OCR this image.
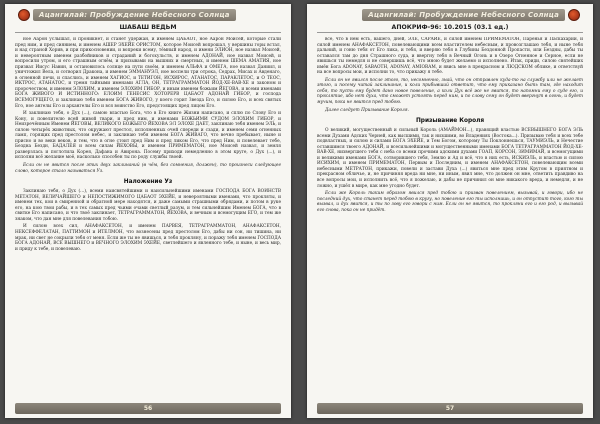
Ацангилай: Пробуждение Небесного Солнца
ШАБАШ ВЕДЬМ

ное Аарон услышал, и проникнет, и станет удержан, и именем ЦАБАОТ, ное Аарон Моисей, которые стали пред ним, и пред сиянием, и именем АШЕР ЭХЕЙЕ ОРИСТОМ, которое Моисей вопрошал, у вершины горы встал, и над страной Хорив, и при прикосновении, и вопреки всему, тёмный народ, и имени ЭЛИОН, ное назвал Моисей, и невероятным именем разбойников и страданий и богохульств, и именем АДОНАЙ, ное назвал Моисей, и вопросили утром, и его страшным огнём, и призывами на вышних и смертных, и именем ШЕМА АМАТИЯ, ное призвал Иисус Навин, и остановилось солнце на пути своём, и именем АЛЬФА и ОМЕГА, ное назвал Даниил, и уничтожил Вела, и сотворил Дракона, и именем ЭММАНУЭЛ, ное воспели три отрока, Седрах, Мисах и Авденаго, в огненной печи, и спаслись, и именем ХАГИОС, и ТЕТИГОН, ИСХИРОС, АТАНАТОС, ПАРАКЛЕТОС, и О ТЕОС, ИКТРОС, АТАНАТОС, и тремя тайными именами АГЛА, ОН, ТЕТРАГРАММАТОН ЙОД-ХЕ-ВАВ-ХЕ и законом и пророчеством, и именем ЭЛОХИМ, и именем ЭЛОХИМ ГИБОР, и иным именем божьим ЙЕГОВА, и всеми именами БОГА ЖИВОГО И ИСТИННОГО: ЕЛОИМ ГЕНЕСИС ХОТОРЕРВ ЦАБАОТ АДОНАЙ ГИБОР, и господа ВСЕМОГУЩЕГО, и заклинаю тебя именем БОГА ЖИВОГО, у коего горит Звезда Его, и силою Его, и всех святых Его, ное ангелы Его и архангелы Его и вся воинство Его, предстоящих пред лицом Его.

И заклинаю тебя, о Дух (...), самою властью Бога, что в Его книге Жизни написано, и сплю по Слову Его и Кону, и повелителю всей живой твари, и пред ним, и именами БОЖЬИМИ СУДОМ ЭЛОХИМ ГИБОР, и Неизречённым Именем ЙЕГОВЫ, ВЕЛИКОГО БОЖЬЕГО ЙЕХОВА ЭЛ ЭЛОХЕ ДАЕТ, заклинаю тебя именем ЭЛЬ, и силою четырёх животных, что окружают престол, исполненных очей спереди и сзади, и именем семи огненных ламп, горящих пред престолом небес, и заклинаю тебя именем БОГА ЖИВАГО, что вечно пребывает, ныне и присно и во веки веков, и тем, что в огне стоит пред Ним и пред ликом Его, что пред Ним, и повелевает тебе, Бездна Бездн, БАДАЛЕЯ и всем силам ЙЕХОВЫ, и именем ПРИМЕМАТОН, ное Моисей назвал, и земля разверзлась и поглотила Корея, Дафана и Авирона. Посему приходи немедленно в этом круге, о Дух (...), и исполни всё желание моё, насколько способен ты по роду службы твоей.

Если он не явится после этих двух заклинаний (в чём, без сомнения, должен), то произнеси следующее слово, которое стало называться Уз.

Наложение Уз

Заклинаю тебя, о Дух (...), всеми наисвятейшими и наисильнейшими именами ГОСПОДА БОГА ВОИНСТВ МЕТАТОН, ВЕЛИЧАЙШЕГО и НЕПОСТИЖИМОГО ЦАБАОТ ЭХЕЙЕ, и невероятными именами, что прокляты, и именем тех, кои в смиренной и обратной мере находятся, и даже самыми страшными обрядами, и потом в руке его, на кою твои рабы, и в тех самых пред чьими очами светлый разум, и тем сильнейшим Именем БОГА, что в свитке Его написано, и что твоё заклинает, ТЕТРАГРАММАТОН, ЙЕХОВА, и вечным и всемогущим ЕГО, и тем же знаком, что дан мне для повелевания тобою.

И силою всех сил, АНАФАКСЕТОН, и именем ПАРВЕЯ, ТЕТРАГРАММАТОН, АНАФАКСЕТОН, НЕКСЕФФЕЛАТАН, ПАТТИМОН и ИТЕЛМОН, что вознесены пред престолом Его, дабы ни сон, ни тишина, ни мрак, ни свет не сокрыли тебя от меня. Если же ты не явишься, и тебя прокляну, и поражу тебя именем ГОСПОДА БОГА АДОНАЙ, ВСЕ ВЫШНЕГО и ВЕЧНОГО ЭЛОХИМ ЭХЕЙЕ, светлейшего и явленного тебе, и ныне, и весь мир, и приду к тебе, и повелеваю.

56
Ацангилай: Пробуждение Небесного Солнца
АПОКРИФ-96: 10.2015 (03.1 ед.)

всё, что в нём есть, вашего, дней, ЭЛЕ, САРАЙЕ, и силой именем ПРИМЕМАТОН, Паренья и Паскахарии, и силой именем АНАФАКСЕТОН, повелевающими всем властителем небесным, и провозглашаю тебя, и ныне тебя дальний, и гоню тебя от Его лика, и тебя, и вверяю тебя в Глубины Бездонной Пропасти, или Бездны, дабы ты оставался там до дня Страшного суда, и ввергну тебя в Вечный Огонь и в Озеро Огненное и Серное, если не явишься ты немедля и не совершишь всё, что мною будет желаемо и исполнено. Итак, приди, силою святейших имён Бога ADONAY, SABAOTH, ADONAY, AMIORAM, и явись мне в прекрасном и ЛЮДСКОМ облике, и ответствуй на все вопросы мои, и исполни то, что прикажу я тебе.

Если он не явился после этого, то, несомненно, знай, что он отправлен куда-то на службу или не желает этого, и посему читай заклинание, и коли прибывший ответит, что ему приказано быть там, где находит себя, то пусть ему будет дано новое повеление, а коли Дух всё же не явится, то напомни ему о суде его, и проклятие, ибо нет духа, что сможет устоять перед ним, и по слову сему он будет ввергнут в огонь, и будет мучим, пока не явится пред тобою.

Далее следует Призывание Короля.

Призывание Короля

О великий, могущественный и сильный Король (АМАЙМОН...), правящий властью ВСЕВЫШНЕГО БОГА ЭЛЬ всеми Духами Адских Черней, как высшими, так и низшими, во Владениях (Востока...). Призываю тебя и всех тебе подвластных, и силою и силами БОГА ЭХЕЙЕ, и Тем Богом, которому Ты Поклоняешься, ТАУМИЭЛЬ, и Нечестие оставшимся твоего АДОНАЙ, и всесильнейшими и могущественными именами БОГА ТЕТРАГРАММАТОН ЙОД-ХЕ-ВАВ-ХЕ, низвергшего тебя с неба со всеми прочими адскими духами ГОАП, КОРСОН, ЗИМИМАЙ, и всемогущими и великими именами БОГА, сотворившего тебя, Землю и Ад и всё, что в них есть, ИСКИЭЛЬ, и властью и силою ИСИХИМ, и именем ПРИМЕМАТОН, Первым и Последним, и именем АНАФАКСЕТОН, повелевающим всеми небесными МЕТРАТОН, прикажи, повели и застави Духа (...) явиться мне пред этим Кругом в приятном и прекрасном обличье, и, не причиняя вреда ни мне, ни иным, явил мне, что должен он мне, ответить правдиво на все вопросы мои, и исполнить всё, что я пожелаю, и дабы не причинил он мне никакого вреда, и немедля, и не ложно, и ушёл в мире, как мне угодно будет.

Если же Король таким образом явился пред тобою и призван повелением, вызывай, и говори, ибо не последний дух, что станет перед тобою в кругу, но повеление его ты исполнишь, и он отпустит того, кого ты вызвал, и дух явится, и ты по зову его говори с ним. Если он не явится, то прокляни его и его род, и вызывай его снова, пока он не придёт.

57
